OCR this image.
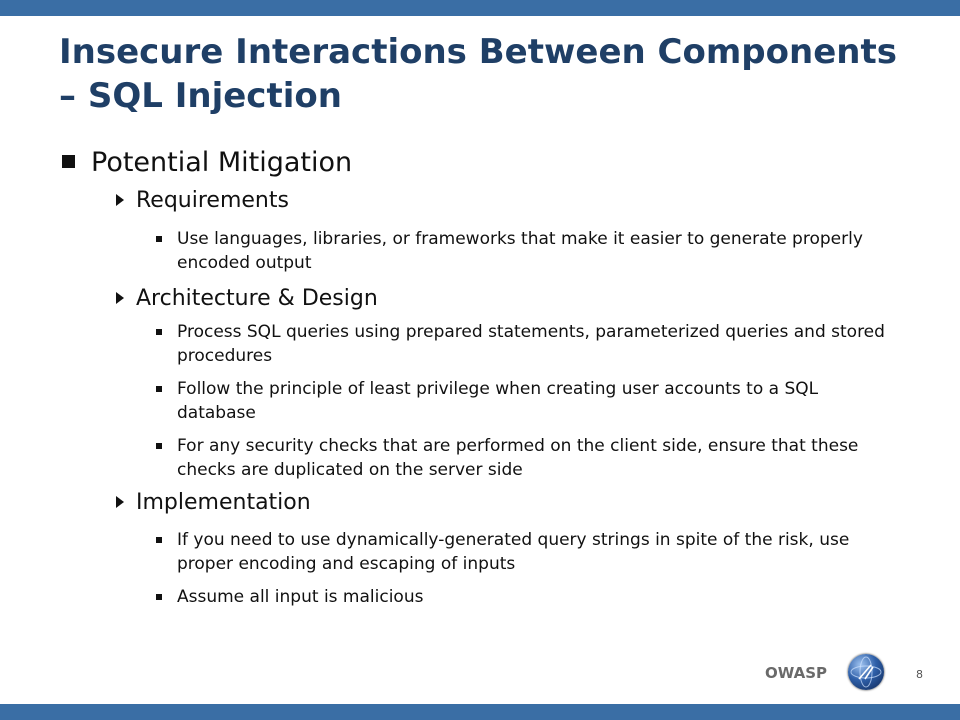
Insecure Interactions Between Components
– SQL Injection
Potential Mitigation
Requirements
Use languages, libraries, or frameworks that make it easier to generate properly encoded output
Architecture & Design
Process SQL queries using prepared statements, parameterized queries and stored procedures
Follow the principle of least privilege when creating user accounts to a SQL database
For any security checks that are performed on the client side, ensure that these checks are duplicated on the server side
Implementation
If you need to use dynamically-generated query strings in spite of the risk, use proper encoding and escaping of inputs
Assume all input is malicious
OWASP	8
